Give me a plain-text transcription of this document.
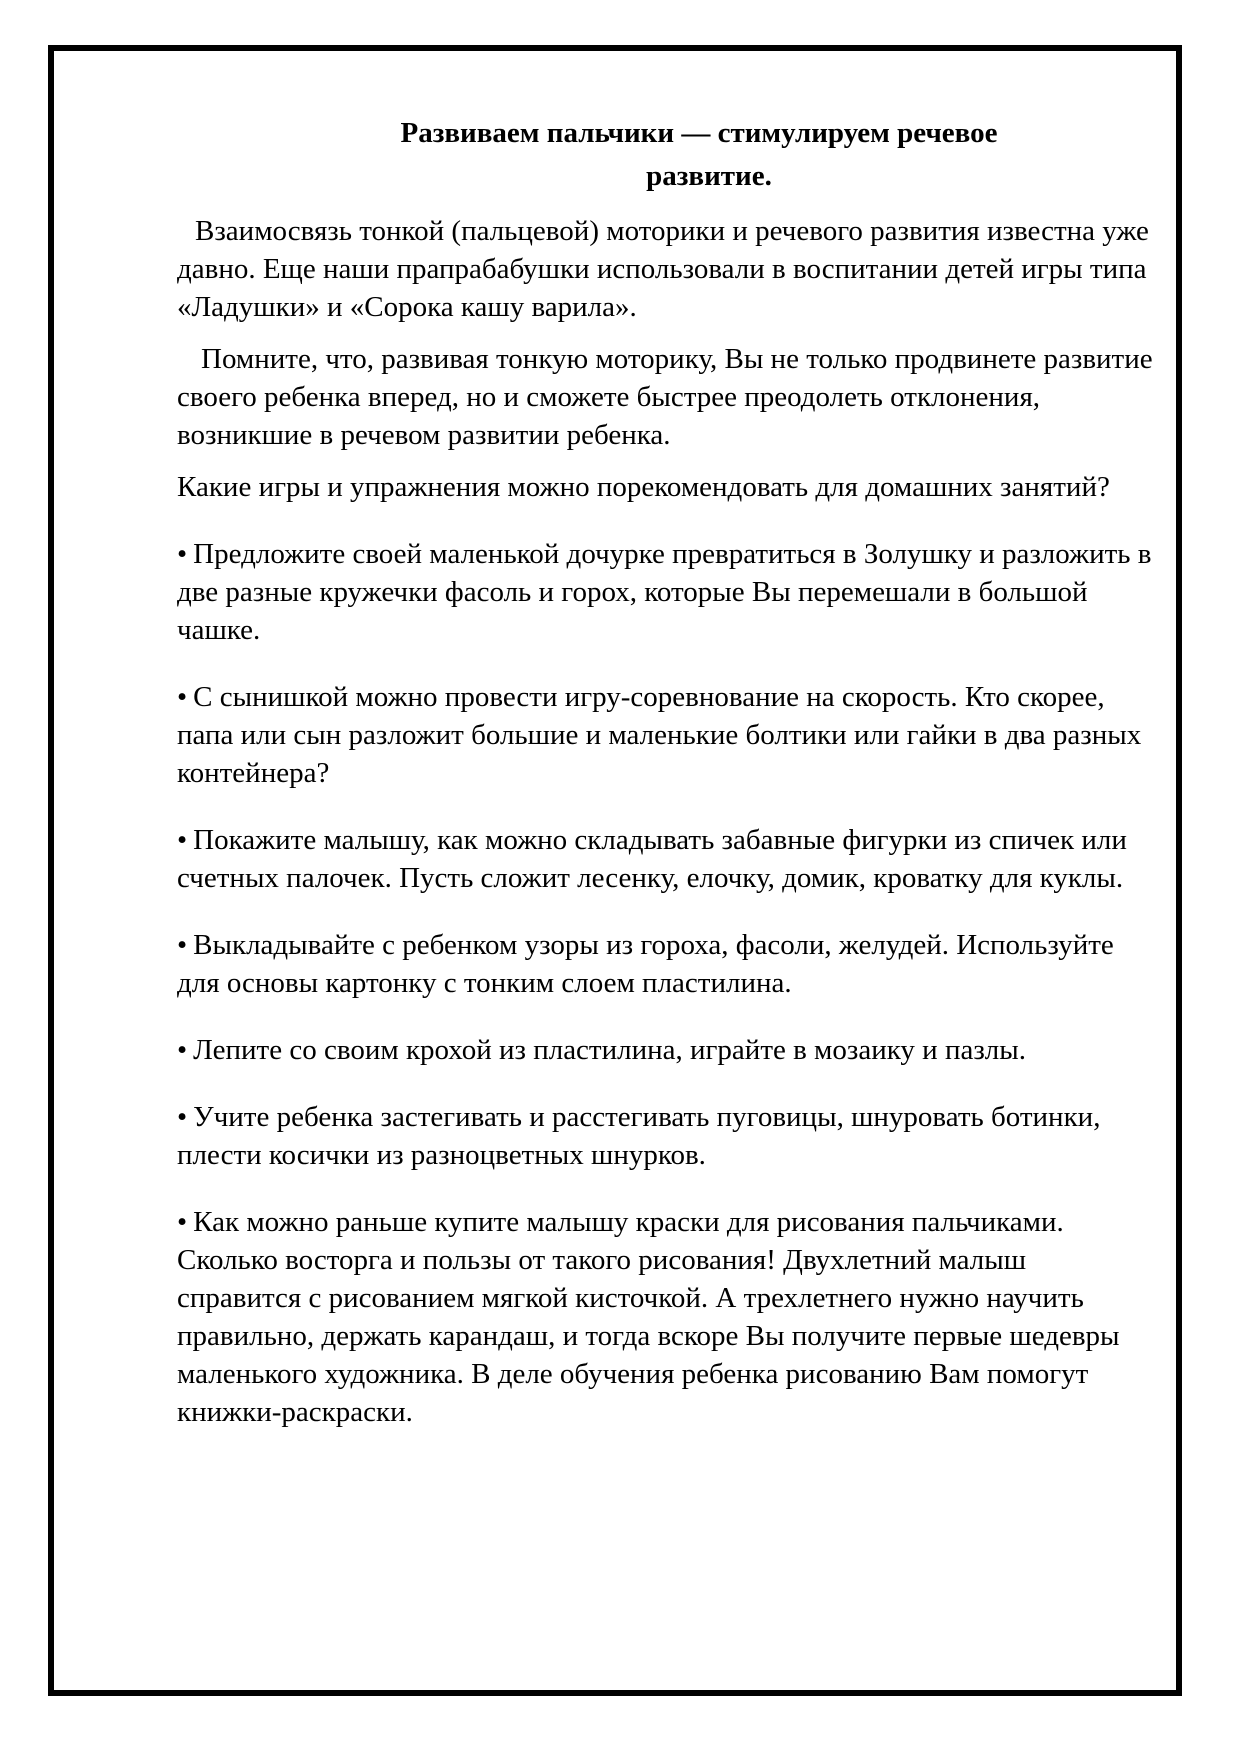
Развиваем пальчики — стимулируем речевое
развитие.

Взаимосвязь тонкой (пальцевой) моторики и речевого развития известна уже давно. Еще наши прапрабабушки использовали в воспитании детей игры типа «Ладушки» и «Сорока кашу варила».

Помните, что, развивая тонкую моторику, Вы не только продвинете развитие своего ребенка вперед, но и сможете быстрее преодолеть отклонения, возникшие в речевом развитии ребенка.

Какие игры и упражнения можно порекомендовать для домашних занятий?

• Предложите своей маленькой дочурке превратиться в Золушку и разложить в две разные кружечки фасоль и горох, которые Вы перемешали в большой чашке.

• С сынишкой можно провести игру-соревнование на скорость. Кто скорее, папа или сын разложит большие и маленькие болтики или гайки в два разных контейнера?

• Покажите малышу, как можно складывать забавные фигурки из спичек или счетных палочек. Пусть сложит лесенку, елочку, домик, кроватку для куклы.

• Выкладывайте с ребенком узоры из гороха, фасоли, желудей. Используйте для основы картонку с тонким слоем пластилина.

• Лепите со своим крохой из пластилина, играйте в мозаику и пазлы.

• Учите ребенка застегивать и расстегивать пуговицы, шнуровать ботинки, плести косички из разноцветных шнурков.

• Как можно раньше купите малышу краски для рисования пальчиками. Сколько восторга и пользы от такого рисования! Двухлетний малыш справится с рисованием мягкой кисточкой. А трехлетнего нужно научить правильно, держать карандаш, и тогда вскоре Вы получите первые шедевры маленького художника. В деле обучения ребенка рисованию Вам помогут книжки-раскраски.
